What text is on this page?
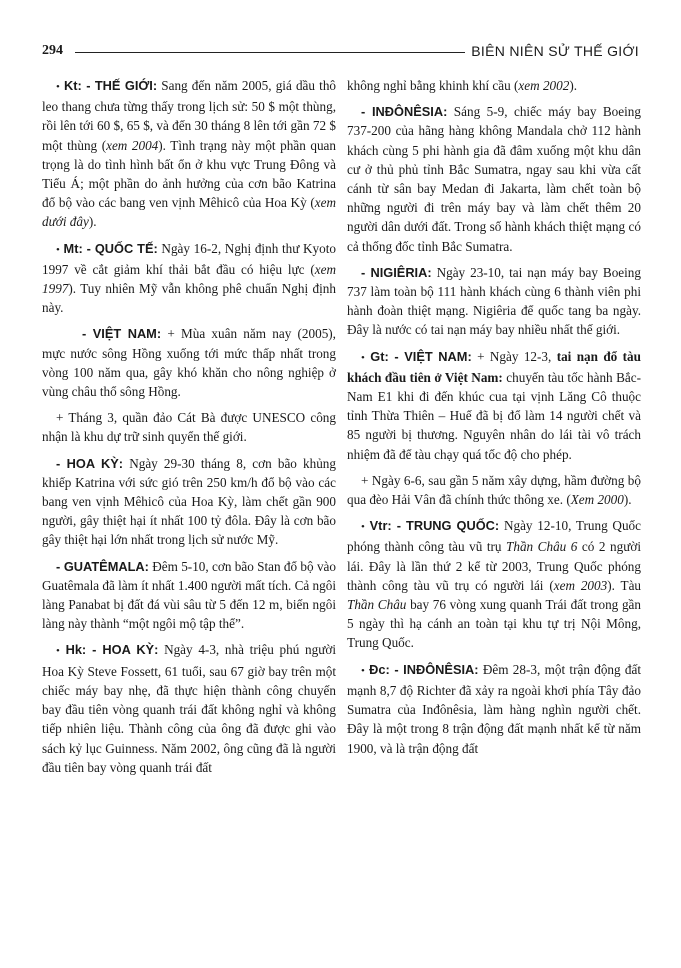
294	BIÊN NIÊN SỬ THẾ GIỚI

• Kt: - THẾ GIỚI: Sang đến năm 2005, giá dầu thô leo thang chưa từng thấy trong lịch sử: 50 $ một thùng, rồi lên tới 60 $, 65 $, và đến 30 tháng 8 lên tới gần 72 $ một thùng (xem 2004). Tình trạng này một phần quan trọng là do tình hình bất ổn ở khu vực Trung Đông và Tiểu Á; một phần do ảnh hưởng của cơn bão Katrina đổ bộ vào các bang ven vịnh Mêhicô của Hoa Kỳ (xem dưới đây).

• Mt: - QUỐC TẾ: Ngày 16-2, Nghị định thư Kyoto 1997 về cắt giảm khí thải bắt đầu có hiệu lực (xem 1997). Tuy nhiên Mỹ vẫn không phê chuẩn Nghị định này.

- VIỆT NAM: + Mùa xuân năm nay (2005), mực nước sông Hồng xuống tới mức thấp nhất trong vòng 100 năm qua, gây khó khăn cho nông nghiệp ở vùng châu thổ sông Hồng.

+ Tháng 3, quần đảo Cát Bà được UNESCO công nhận là khu dự trữ sinh quyển thế giới.

- HOA KỲ: Ngày 29-30 tháng 8, cơn bão khủng khiếp Katrina với sức gió trên 250 km/h đổ bộ vào các bang ven vịnh Mêhicô của Hoa Kỳ, làm chết gần 900 người, gây thiệt hại ít nhất 100 tỷ đôla. Đây là cơn bão gây thiệt hại lớn nhất trong lịch sử nước Mỹ.

- GUATÊMALA: Đêm 5-10, cơn bão Stan đổ bộ vào Guatêmala đã làm ít nhất 1.400 người mất tích. Cả ngôi làng Panabat bị đất đá vùi sâu từ 5 đến 12 m, biến ngôi làng này thành “một ngôi mộ tập thể”.

• Hk: - HOA KỲ: Ngày 4-3, nhà triệu phú người Hoa Kỳ Steve Fossett, 61 tuổi, sau 67 giờ bay trên một chiếc máy bay nhẹ, đã thực hiện thành công chuyến bay đầu tiên vòng quanh trái đất không nghỉ và không tiếp nhiên liệu. Thành công của ông đã được ghi vào sách kỷ lục Guinness. Năm 2002, ông cũng đã là người đầu tiên bay vòng quanh trái đất

không nghỉ bằng khinh khí cầu (xem 2002).

- INĐÔNÊSIA: Sáng 5-9, chiếc máy bay Boeing 737-200 của hãng hàng không Mandala chở 112 hành khách cùng 5 phi hành gia đã đâm xuống một khu dân cư ở thủ phủ tỉnh Bắc Sumatra, ngay sau khi vừa cất cánh từ sân bay Medan đi Jakarta, làm chết toàn bộ những người đi trên máy bay và làm chết thêm 20 người dân dưới đất. Trong số hành khách thiệt mạng có cả thống đốc tỉnh Bắc Sumatra.

- NIGIÊRIA: Ngày 23-10, tai nạn máy bay Boeing 737 làm toàn bộ 111 hành khách cùng 6 thành viên phi hành đoàn thiệt mạng. Nigiêria để quốc tang ba ngày. Đây là nước có tai nạn máy bay nhiều nhất thế giới.

• Gt: - VIỆT NAM: + Ngày 12-3, tai nạn đổ tàu khách đầu tiên ở Việt Nam: chuyến tàu tốc hành Bắc-Nam E1 khi đi đến khúc cua tại vịnh Lăng Cô thuộc tỉnh Thừa Thiên – Huế đã bị đổ làm 14 người chết và 85 người bị thương. Nguyên nhân do lái tài vô trách nhiệm đã để tàu chạy quá tốc độ cho phép.

+ Ngày 6-6, sau gần 5 năm xây dựng, hầm đường bộ qua đèo Hải Vân đã chính thức thông xe. (Xem 2000).

• Vtr: - TRUNG QUỐC: Ngày 12-10, Trung Quốc phóng thành công tàu vũ trụ Thần Châu 6 có 2 người lái. Đây là lần thứ 2 kể từ 2003, Trung Quốc phóng thành công tàu vũ trụ có người lái (xem 2003). Tàu Thần Châu bay 76 vòng xung quanh Trái đất trong gần 5 ngày thì hạ cánh an toàn tại khu tự trị Nội Mông, Trung Quốc.

• Đc: - INĐÔNÊSIA: Đêm 28-3, một trận động đất mạnh 8,7 độ Richter đã xảy ra ngoài khơi phía Tây đảo Sumatra của Inđônêsia, làm hàng nghìn người chết. Đây là một trong 8 trận động đất mạnh nhất kể từ năm 1900, và là trận động đất
